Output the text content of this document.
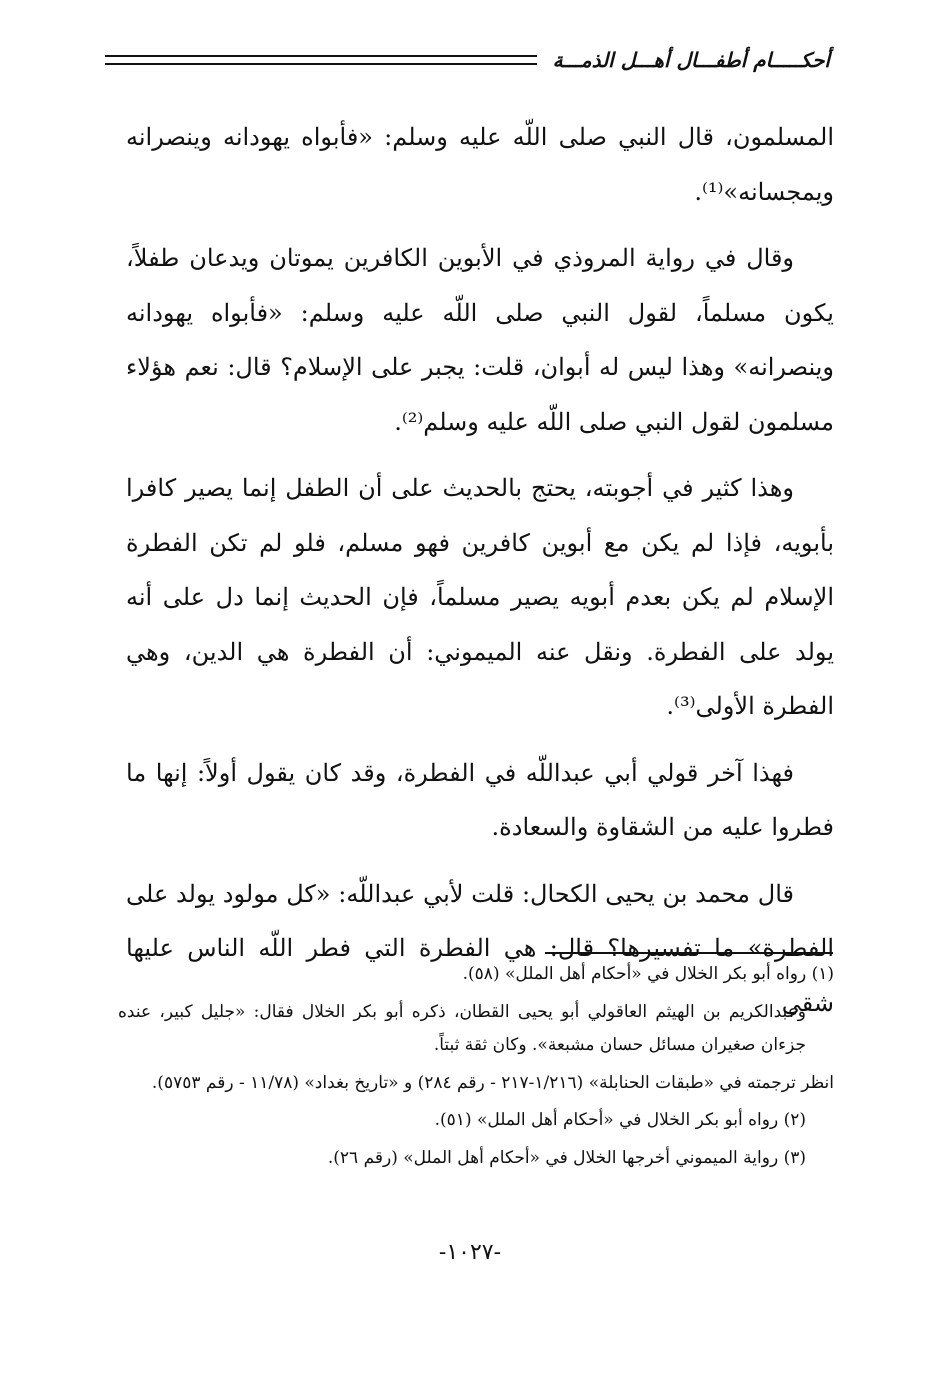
أحكـــــام أطفـــال أهـــل الذمـــة

المسلمون، قال النبي صلى اللّه عليه وسلم: «فأبواه يهودانه وينصرانه ويمجسانه»⁽¹⁾.

وقال في رواية المروذي في الأبوين الكافرين يموتان ويدعان طفلاً، يكون مسلماً، لقول النبي صلى اللّه عليه وسلم: «فأبواه يهودانه وينصرانه» وهذا ليس له أبوان، قلت: يجبر على الإسلام؟ قال: نعم هؤلاء مسلمون لقول النبي صلى اللّه عليه وسلم⁽²⁾.

وهذا كثير في أجوبته، يحتج بالحديث على أن الطفل إنما يصير كافرا بأبويه، فإذا لم يكن مع أبوين كافرين فهو مسلم، فلو لم تكن الفطرة الإسلام لم يكن بعدم أبويه يصير مسلماً، فإن الحديث إنما دل على أنه يولد على الفطرة. ونقل عنه الميموني: أن الفطرة هي الدين، وهي الفطرة الأولى⁽³⁾.

فهذا آخر قولي أبي عبداللّه في الفطرة، وقد كان يقول أولاً: إنها ما فطروا عليه من الشقاوة والسعادة.

قال محمد بن يحيى الكحال: قلت لأبي عبداللّه: «كل مولود يولد على الفطرة» ما تفسيرها؟ قال: هي الفطرة التي فطر اللّه الناس عليها شقي

(١) رواه أبو بكر الخلال في «أحكام أهل الملل» (٥٨).

وعبدالكريم بن الهيثم العاقولي أبو يحيى القطان، ذكره أبو بكر الخلال فقال: «جليل كبير، عنده جزءان صغيران مسائل حسان مشبعة». وكان ثقة ثبتاً.

انظر ترجمته في «طبقات الحنابلة» (١/٢١٦-٢١٧ - رقم ٢٨٤) و «تاريخ بغداد» (١١/٧٨ - رقم ٥٧٥٣).

(٢) رواه أبو بكر الخلال في «أحكام أهل الملل» (٥١).

(٣) رواية الميموني أخرجها الخلال في «أحكام أهل الملل» (رقم ٢٦).

-١٠٢٧-
